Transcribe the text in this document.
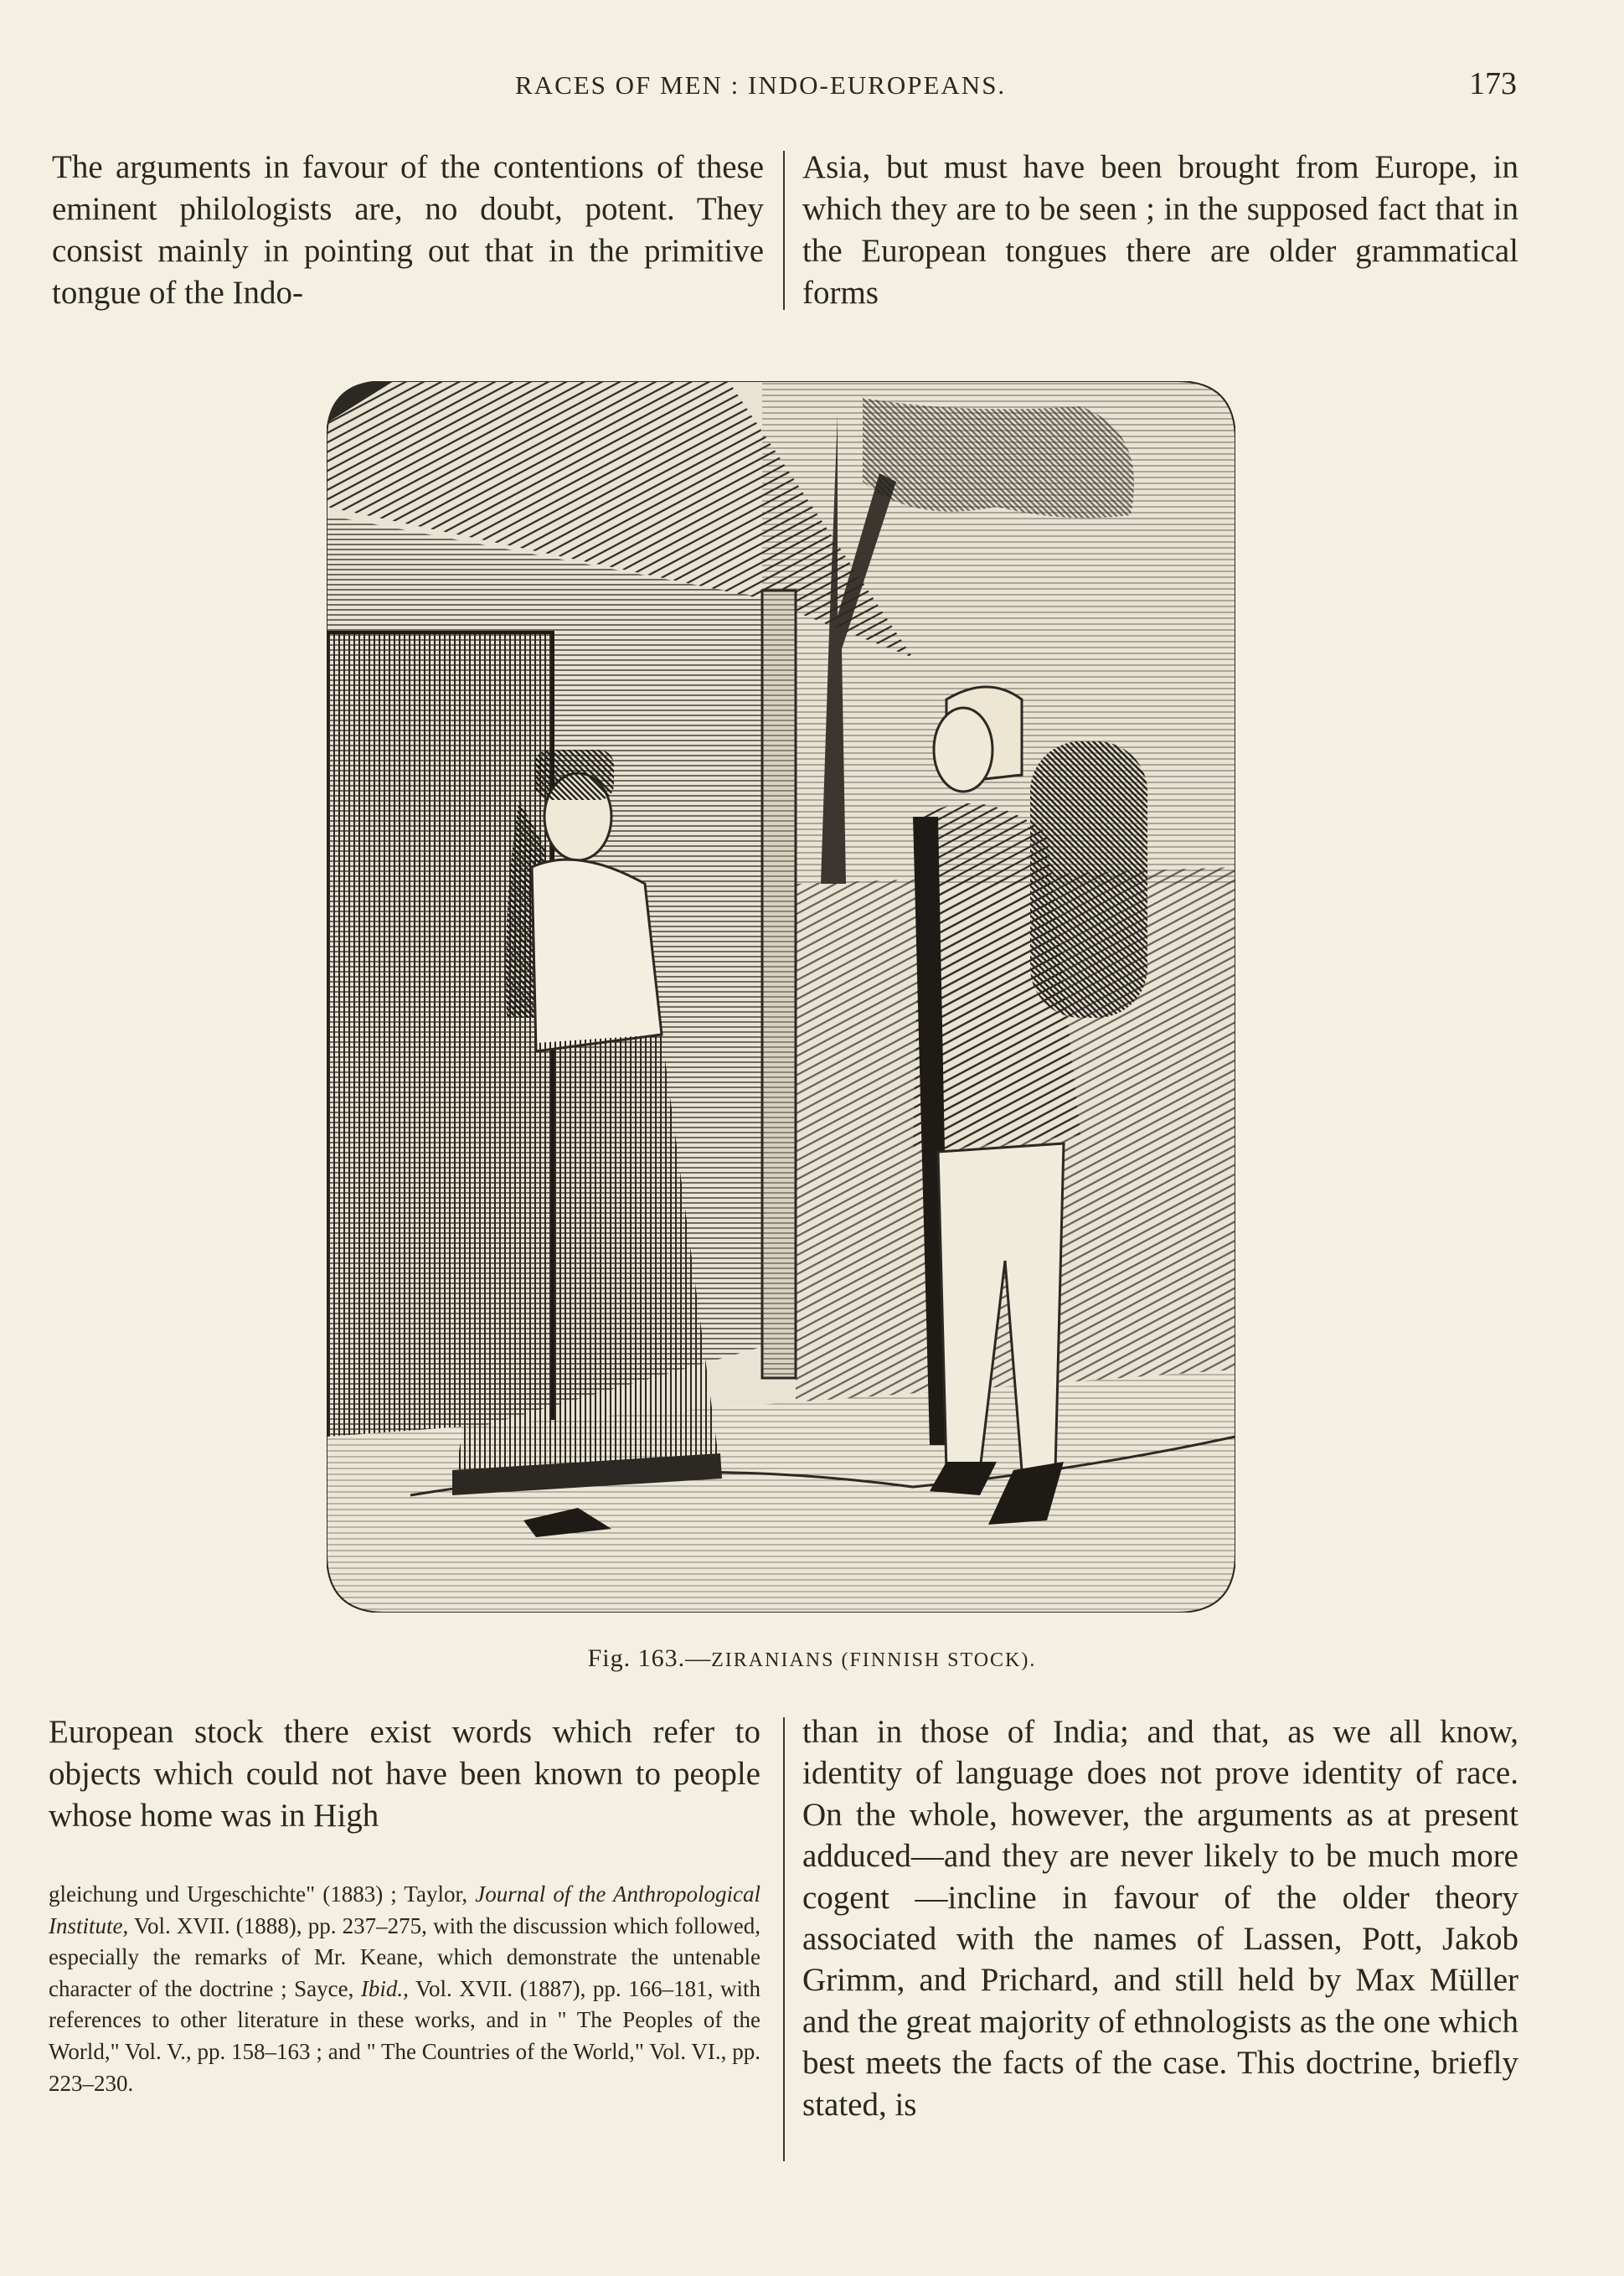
RACES OF MEN : INDO-EUROPEANS.	173

The arguments in favour of the contentions of these eminent philologists are, no doubt, potent. They consist mainly in pointing out that in the primitive tongue of the Indo-

Asia, but must have been brought from Europe, in which they are to be seen ; in the supposed fact that in the European tongues there are older grammatical forms

Fig. 163.—ZIRANIANS (FINNISH STOCK).

European stock there exist words which refer to objects which could not have been known to people whose home was in High

than in those of India; and that, as we all know, identity of language does not prove identity of race. On the whole, however, the arguments as at present adduced—and they are never likely to be much more cogent —incline in favour of the older theory associated with the names of Lassen, Pott, Jakob Grimm, and Prichard, and still held by Max Müller and the great majority of ethnologists as the one which best meets the facts of the case. This doctrine, briefly stated, is

gleichung und Urgeschichte" (1883) ; Taylor, Journal of the Anthropological Institute, Vol. XVII. (1888), pp. 237–275, with the discussion which followed, especially the remarks of Mr. Keane, which demonstrate the untenable character of the doctrine ; Sayce, Ibid., Vol. XVII. (1887), pp. 166–181, with references to other literature in these works, and in " The Peoples of the World," Vol. V., pp. 158–163 ; and " The Countries of the World," Vol. VI., pp. 223–230.
